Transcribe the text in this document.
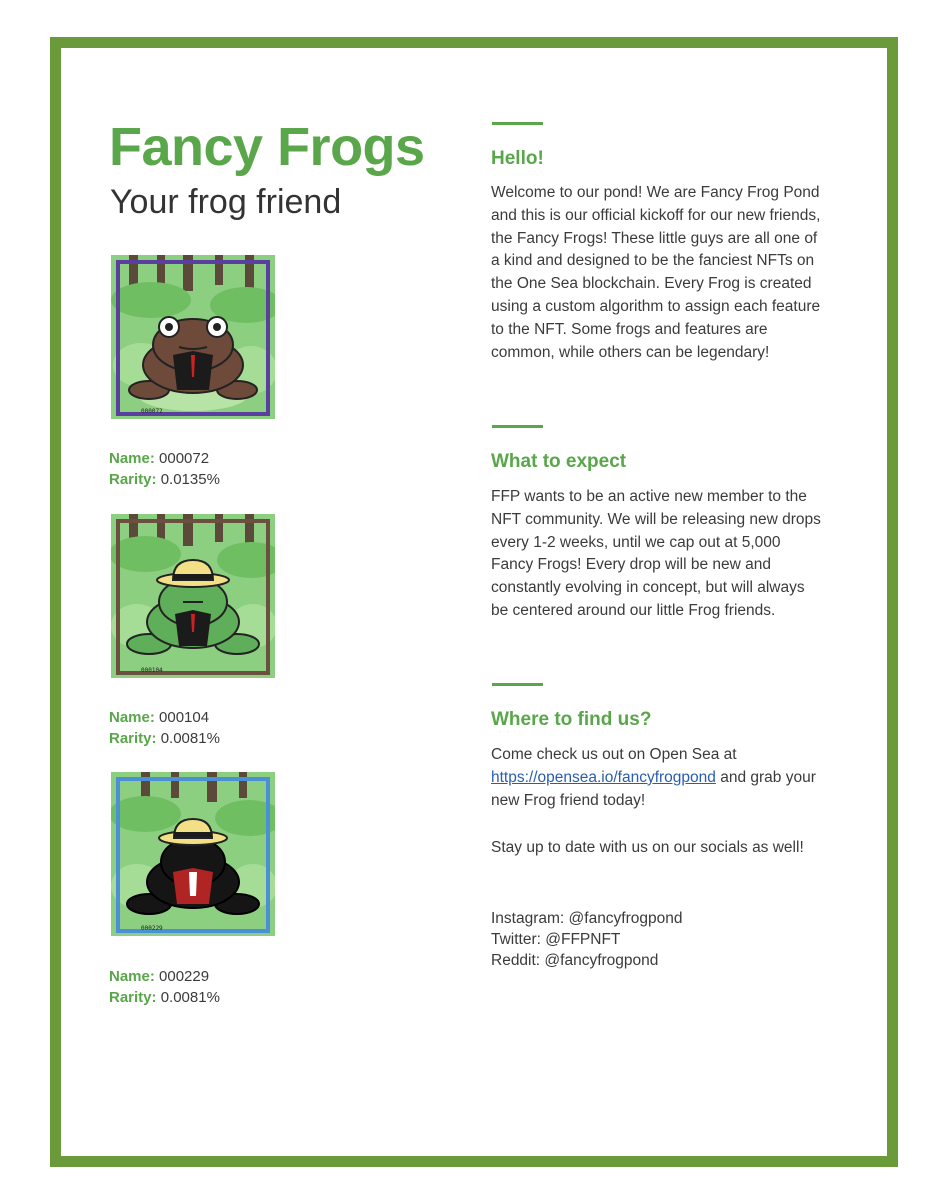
Fancy Frogs
Your frog friend
000072
Name: 000072
Rarity: 0.0135%
000104
Name: 000104
Rarity: 0.0081%
000229
Name: 000229
Rarity: 0.0081%
Hello!
Welcome to our pond! We are Fancy Frog Pond and this is our official kickoff for our new friends, the Fancy Frogs! These little guys are all one of a kind and designed to be the fanciest NFTs on the One Sea blockchain. Every Frog is created using a custom algorithm to assign each feature to the NFT. Some frogs and features are common, while others can be legendary!
What to expect
FFP wants to be an active new member to the NFT community. We will be releasing new drops every 1-2 weeks, until we cap out at 5,000 Fancy Frogs! Every drop will be new and constantly evolving in concept, but will always be centered around our little Frog friends.
Where to find us?
Come check us out on Open Sea at https://opensea.io/fancyfrogpond and grab your new Frog friend today!
Stay up to date with us on our socials as well!
Instagram: @fancyfrogpond
Twitter: @FFPNFT
Reddit: @fancyfrogpond
